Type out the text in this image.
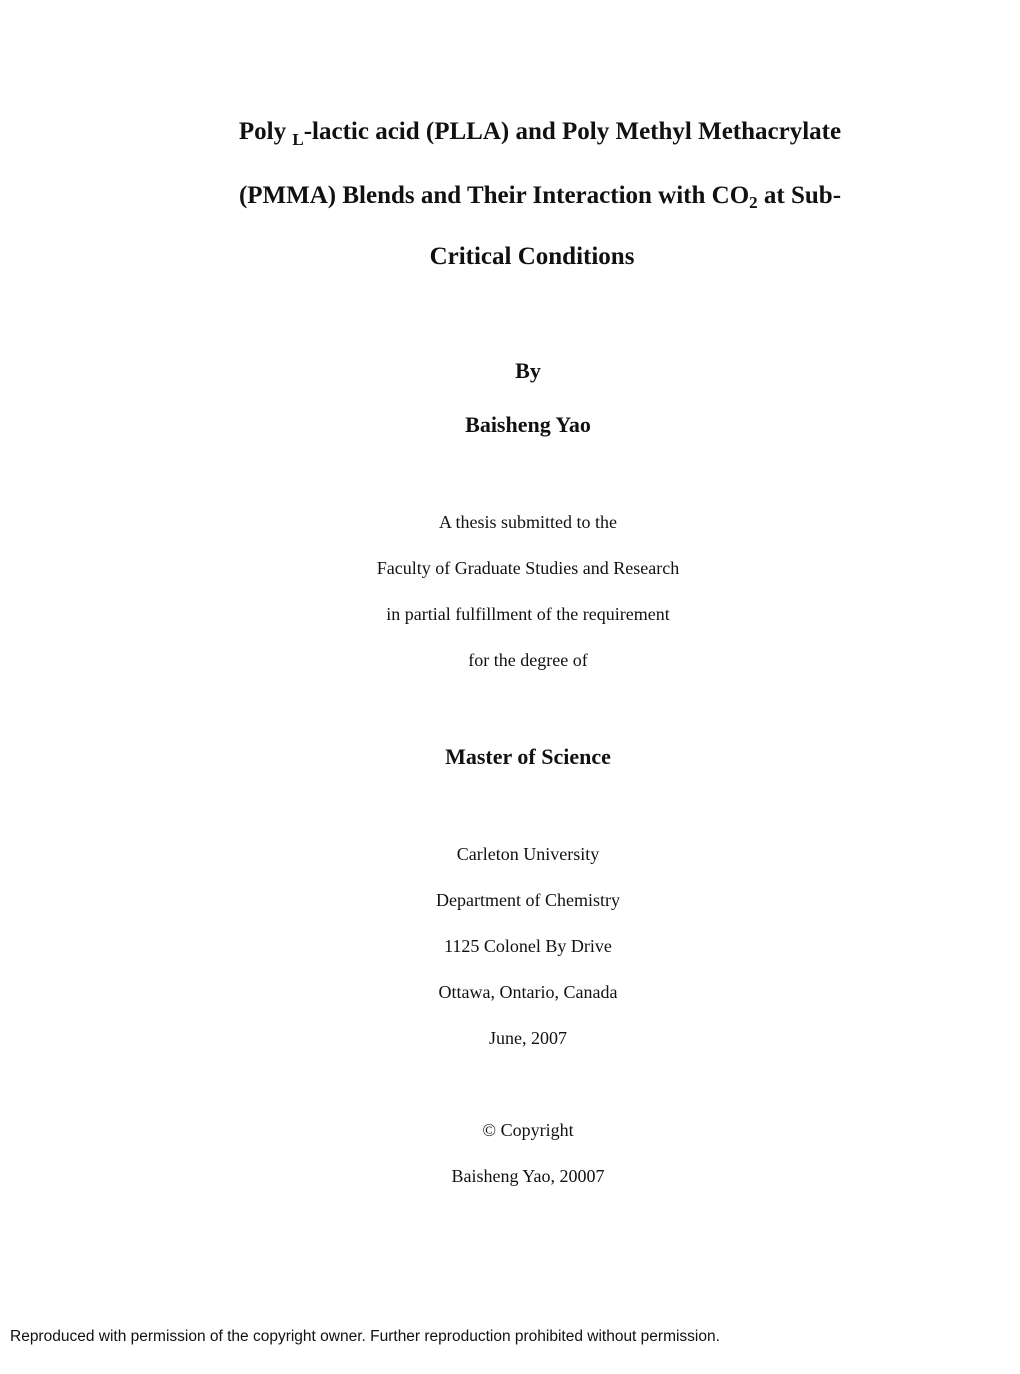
Poly $_L$-lactic acid (PLLA) and Poly Methyl Methacrylate
(PMMA) Blends and Their Interaction with $CO_2$ at Sub-
Critical Conditions
By
Baisheng Yao
A thesis submitted to the
Faculty of Graduate Studies and Research
in partial fulfillment of the requirement
for the degree of
Master of Science
Carleton University
Department of Chemistry
1125 Colonel By Drive
Ottawa, Ontario, Canada
June, 2007
© Copyright
Baisheng Yao, 20007
Reproduced with permission of the copyright owner. Further reproduction prohibited without permission.
